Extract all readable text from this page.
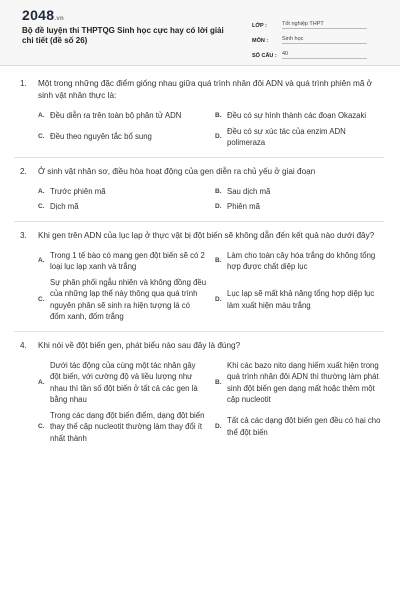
2048.vn
Bộ đề luyện thi THPTQG Sinh học cực hay có lời giải chi tiết (đề số 26)
LỚP :	Tốt nghiệp THPT
MÔN :	Sinh học
SỐ CÂU : 40
1.	Một trong những đặc điểm giống nhau giữa quá trình nhân đôi ADN và quá trình phiên mã ở sinh vật nhân thực là:
A. Đều diễn ra trên toàn bộ phân tử ADN	B. Đều có sự hình thành các đoạn Okazaki
C. Đều theo nguyên tắc bổ sung	D.
Đều có sự xúc tác của enzim ADN polimeraza
2.	Ở sinh vật nhân sơ, điều hòa hoạt động của gen diễn ra chủ yếu ở giai đoạn
A. Trước phiên mã	B. Sau dịch mã
C. Dịch mã	D. Phiên mã
3.	Khi gen trên ADN của lục lạp ở thực vật bị đột biến sẽ không dẫn đến kết quả nào dưới đây?
A.
Trong 1 tế bào có mang gen đột biến sẽ có 2 loại lục lạp xanh và trắng
B.
Làm cho toàn cây hóa trắng do không tổng hợp được chất diệp lục
C.
Sự phân phối ngẫu nhiên và không đồng đều của những lạp thể này thông qua quá trình nguyên phân sẽ sinh ra hiện tượng lá có đốm xanh, đốm trắng
D.
Lục lạp sẽ mất khả năng tổng hợp diệp lục làm xuất hiện màu trắng
4.	Khi nói về đột biến gen, phát biểu nào sau đây là đúng?
A.
Dưới tác động của cùng một tác nhân gây đột biến, với cường độ và liều lượng như nhau thì tần số đột biến ở tất cả các gen là bằng nhau
B.
Khi các bazo nito dạng hiếm xuất hiện trong quá trình nhân đôi ADN thì thường làm phát sinh đột biến gen dạng mất hoặc thêm một cặp nucleotit
C.
Trong các dạng đột biến điểm, dạng đột biến thay thế cặp nucleotit thường làm thay đổi ít nhất thành
D.
Tất cả các dạng đột biến gen đều có hại cho thể đột biến
